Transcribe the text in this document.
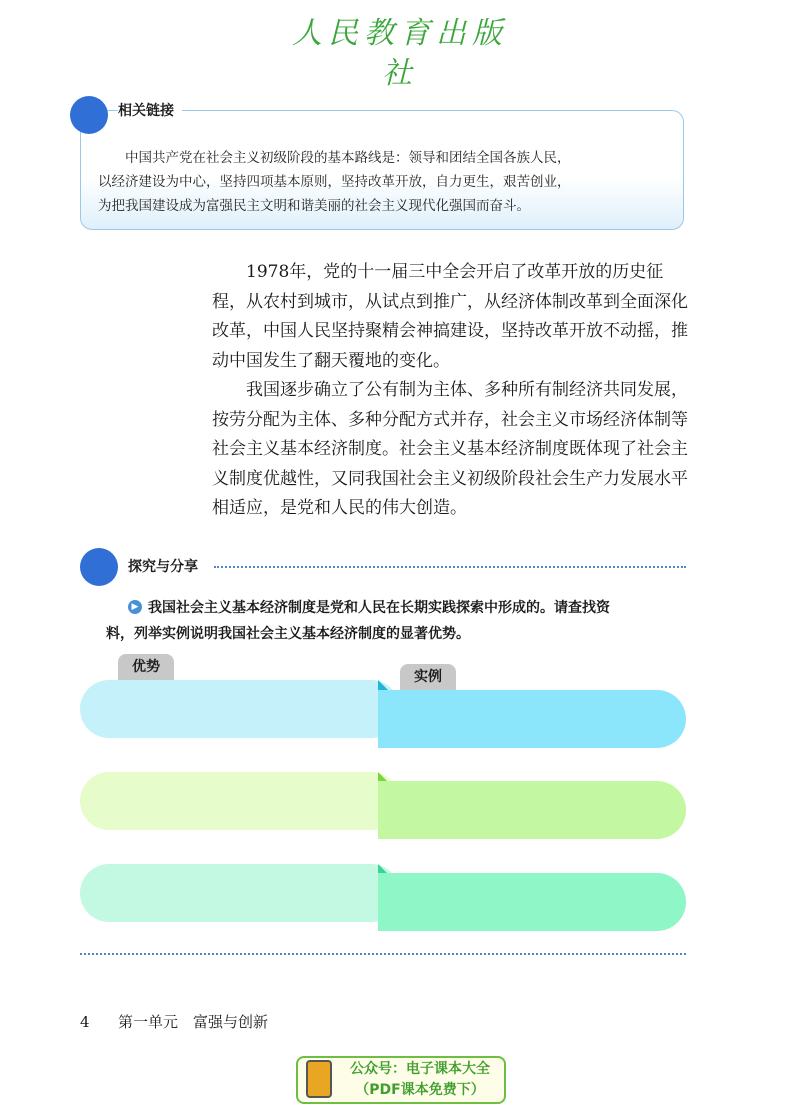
人民教育出版社
相关链接

中国共产党在社会主义初级阶段的基本路线是：领导和团结全国各族人民，

以经济建设为中心，坚持四项基本原则，坚持改革开放，自力更生，艰苦创业，

为把我国建设成为富强民主文明和谐美丽的社会主义现代化强国而奋斗。

1978年，党的十一届三中全会开启了改革开放的历史征程，从农村到城市，从试点到推广，从经济体制改革到全面深化改革，中国人民坚持聚精会神搞建设，坚持改革开放不动摇，推动中国发生了翻天覆地的变化。

我国逐步确立了公有制为主体、多种所有制经济共同发展，按劳分配为主体、多种分配方式并存，社会主义市场经济体制等社会主义基本经济制度。社会主义基本经济制度既体现了社会主义制度优越性，又同我国社会主义初级阶段社会生产力发展水平相适应，是党和人民的伟大创造。

探究与分享
▶ 我国社会主义基本经济制度是党和人民在长期实践探索中形成的。请查找资
料，列举实例说明我国社会主义基本经济制度的显著优势。
优势
实例
4 第一单元　富强与创新
公众号：电子课本大全
（PDF课本免费下）
